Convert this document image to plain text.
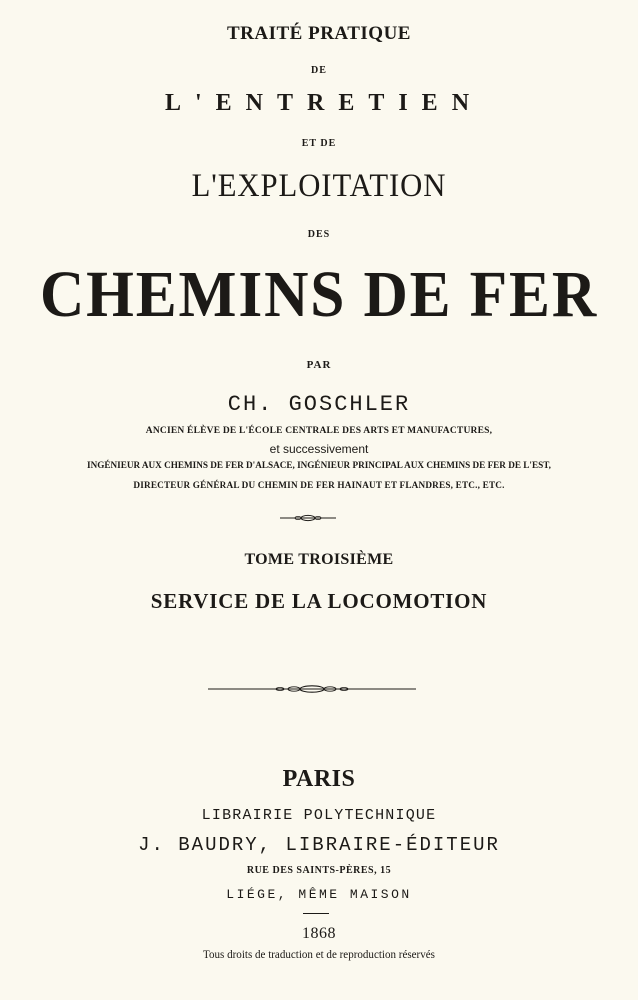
TRAITÉ PRATIQUE
DE
L'ENTRETIEN
ET DE
L'EXPLOITATION
DES
CHEMINS DE FER
PAR
CH. GOSCHLER
ANCIEN ÉLÈVE DE L'ÉCOLE CENTRALE DES ARTS ET MANUFACTURES,
et successivement
INGÉNIEUR AUX CHEMINS DE FER D'ALSACE, INGÉNIEUR PRINCIPAL AUX CHEMINS DE FER DE L'EST,
DIRECTEUR GÉNÉRAL DU CHEMIN DE FER HAINAUT ET FLANDRES, ETC., ETC.
TOME TROISIÈME
SERVICE DE LA LOCOMOTION
PARIS
LIBRAIRIE POLYTECHNIQUE
J. BAUDRY, LIBRAIRE-ÉDITEUR
RUE DES SAINTS-PÈRES, 15
LIÉGE, MÊME MAISON
1868
Tous droits de traduction et de reproduction réservés
